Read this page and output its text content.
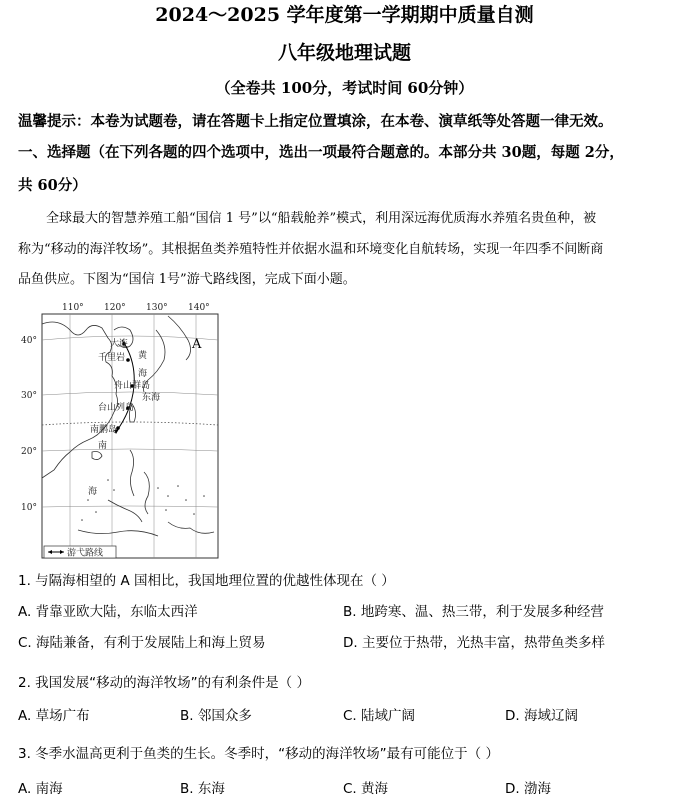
2024～2025 学年度第一学期期中质量自测
八年级地理试题
（全卷共 100分，考试时间 60分钟）
温馨提示：本卷为试题卷，请在答题卡上指定位置填涂，在本卷、演草纸等处答题一律无效。
一、选择题（在下列各题的四个选项中，选出一项最符合题意的。本部分共 30题，每题 2分，
共 60分）
全球最大的智慧养殖工船“国信 1 号”以“船载舱养”模式，利用深远海优质海水养殖名贵鱼种，被
称为“移动的海洋牧场”。其根据鱼类养殖特性并依据水温和环境变化自航转场，实现一年四季不间断商
品鱼供应。下图为“国信 1号”游弋路线图，完成下面小题。
110° 120° 130° 140°
40°
30°
20°
10°
大连
千里岩
舟山群岛
台山列岛
南鹏岛
黄
海
东海
南
海
A
游弋路线
1. 与隔海相望的 A 国相比，我国地理位置的优越性体现在（ ）
A. 背靠亚欧大陆，东临太西洋	B. 地跨寒、温、热三带，利于发展多种经营
C. 海陆兼备，有利于发展陆上和海上贸易	D. 主要位于热带，光热丰富，热带鱼类多样
2. 我国发展“移动的海洋牧场”的有利条件是（ ）
A. 草场广布	B. 邻国众多	C. 陆域广阔	D. 海域辽阔
3. 冬季水温高更利于鱼类的生长。冬季时，“移动的海洋牧场”最有可能位于（ ）
A. 南海	B. 东海	C. 黄海	D. 渤海
